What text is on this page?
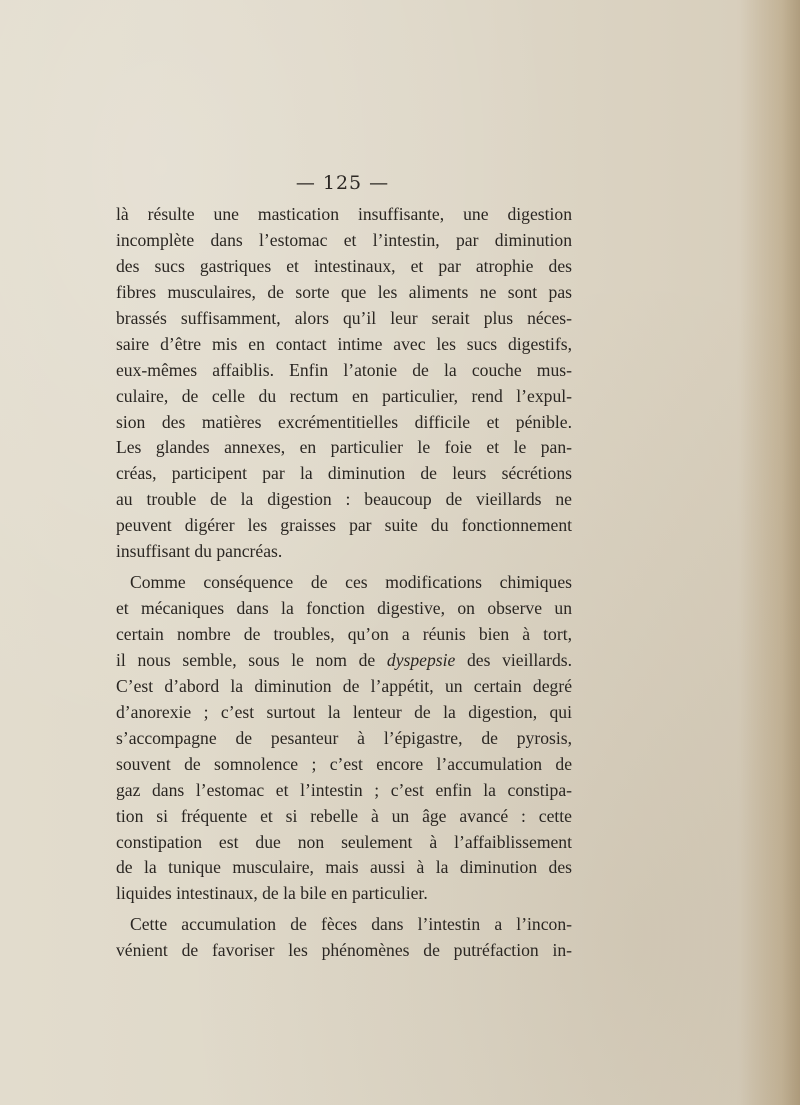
— 125 —

là résulte une mastication insuffisante, une digestion
incomplète dans l’estomac et l’intestin, par diminution
des sucs gastriques et intestinaux, et par atrophie des
fibres musculaires, de sorte que les aliments ne sont pas
brassés suffisamment, alors qu’il leur serait plus néces-
saire d’être mis en contact intime avec les sucs digestifs,
eux-mêmes affaiblis. Enfin l’atonie de la couche mus-
culaire, de celle du rectum en particulier, rend l’expul-
sion des matières excrémentitielles difficile et pénible.
Les glandes annexes, en particulier le foie et le pan-
créas, participent par la diminution de leurs sécrétions
au trouble de la digestion : beaucoup de vieillards ne
peuvent digérer les graisses par suite du fonctionnement
insuffisant du pancréas.

Comme conséquence de ces modifications chimiques
et mécaniques dans la fonction digestive, on observe un
certain nombre de troubles, qu’on a réunis bien à tort,
il nous semble, sous le nom de dyspepsie des vieillards.
C’est d’abord la diminution de l’appétit, un certain degré
d’anorexie ; c’est surtout la lenteur de la digestion, qui
s’accompagne de pesanteur à l’épigastre, de pyrosis,
souvent de somnolence ; c’est encore l’accumulation de
gaz dans l’estomac et l’intestin ; c’est enfin la constipa-
tion si fréquente et si rebelle à un âge avancé : cette
constipation est due non seulement à l’affaiblissement
de la tunique musculaire, mais aussi à la diminution des
liquides intestinaux, de la bile en particulier.

Cette accumulation de fèces dans l’intestin a l’incon-
vénient de favoriser les phénomènes de putréfaction in-
